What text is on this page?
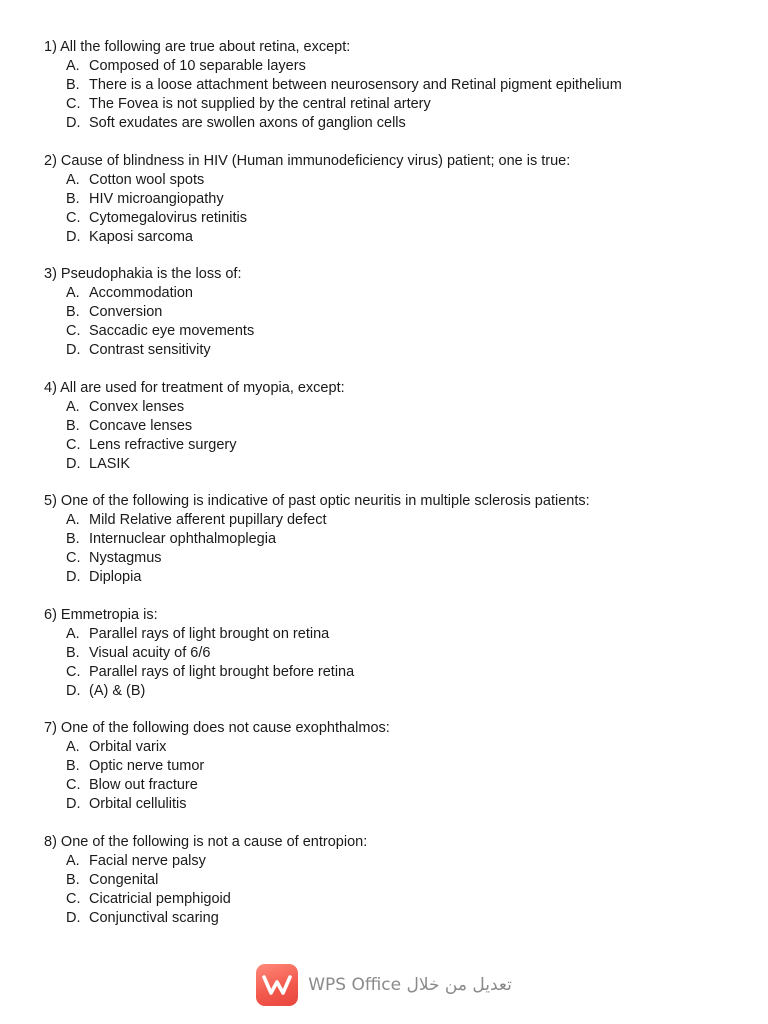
1) All the following are true about retina, except:
A. Composed of 10 separable layers
B. There is a loose attachment between neurosensory and Retinal pigment epithelium
C. The Fovea is not supplied by the central retinal artery
D. Soft exudates are swollen axons of ganglion cells
2) Cause of blindness in HIV (Human immunodeficiency virus) patient; one is true:
A. Cotton wool spots
B. HIV microangiopathy
C. Cytomegalovirus retinitis
D. Kaposi sarcoma
3) Pseudophakia is the loss of:
A. Accommodation
B. Conversion
C. Saccadic eye movements
D. Contrast sensitivity
4) All are used for treatment of myopia, except:
A. Convex lenses
B. Concave lenses
C. Lens refractive surgery
D. LASIK
5) One of the following is indicative of past optic neuritis in multiple sclerosis patients:
A. Mild Relative afferent pupillary defect
B. Internuclear ophthalmoplegia
C. Nystagmus
D. Diplopia
6) Emmetropia is:
A. Parallel rays of light brought on retina
B. Visual acuity of 6/6
C. Parallel rays of light brought before retina
D. (A) & (B)
7) One of the following does not cause exophthalmos:
A. Orbital varix
B. Optic nerve tumor
C. Blow out fracture
D. Orbital cellulitis
8) One of the following is not a cause of entropion:
A. Facial nerve palsy
B. Congenital
C. Cicatricial pemphigoid
D. Conjunctival scaring
تعديل من خلال WPS Office
